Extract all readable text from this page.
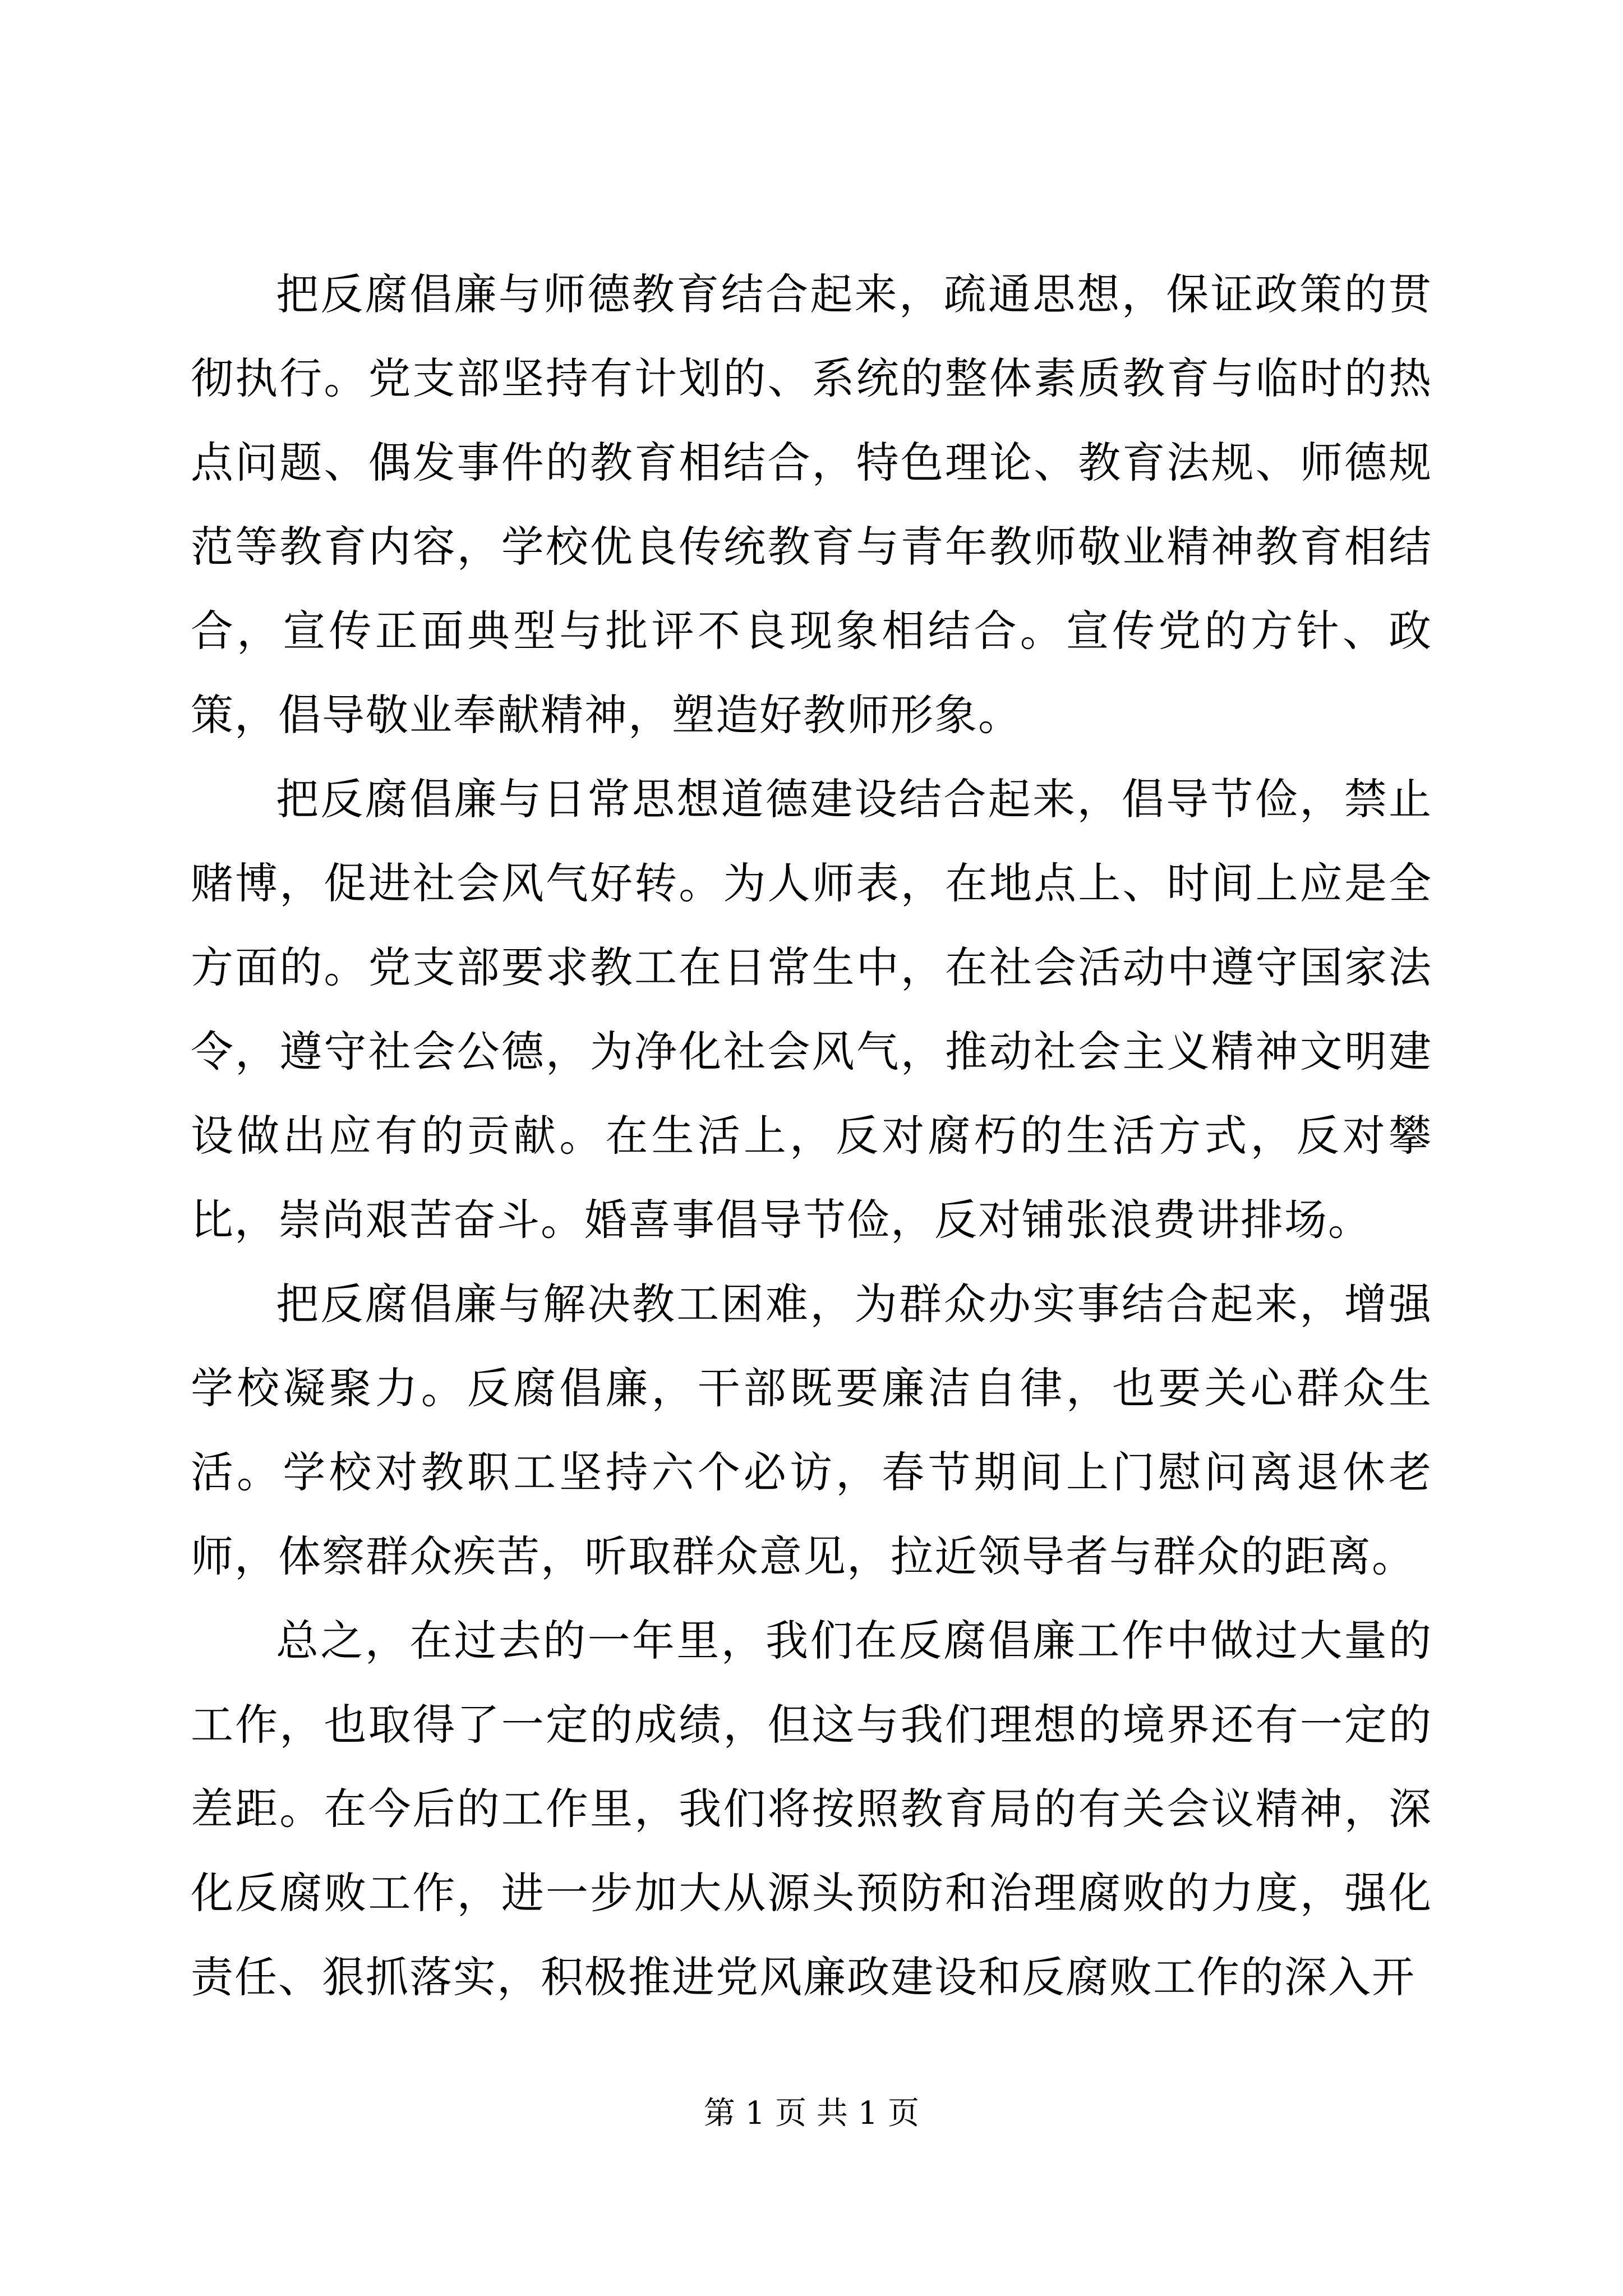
把反腐倡廉与师德教育结合起来，疏通思想，保证政策的贯彻执行。党支部坚持有计划的、系统的整体素质教育与临时的热点问题、偶发事件的教育相结合，特色理论、教育法规、师德规范等教育内容，学校优良传统教育与青年教师敬业精神教育相结合，宣传正面典型与批评不良现象相结合。宣传党的方针、政策，倡导敬业奉献精神，塑造好教师形象。

把反腐倡廉与日常思想道德建设结合起来，倡导节俭，禁止赌博，促进社会风气好转。为人师表，在地点上、时间上应是全方面的。党支部要求教工在日常生中，在社会活动中遵守国家法令，遵守社会公德，为净化社会风气，推动社会主义精神文明建设做出应有的贡献。在生活上，反对腐朽的生活方式，反对攀比，崇尚艰苦奋斗。婚喜事倡导节俭，反对铺张浪费讲排场。

把反腐倡廉与解决教工困难，为群众办实事结合起来，增强学校凝聚力。反腐倡廉，干部既要廉洁自律，也要关心群众生活。学校对教职工坚持六个必访，春节期间上门慰问离退休老师，体察群众疾苦，听取群众意见，拉近领导者与群众的距离。

总之，在过去的一年里，我们在反腐倡廉工作中做过大量的工作，也取得了一定的成绩，但这与我们理想的境界还有一定的差距。在今后的工作里，我们将按照教育局的有关会议精神，深化反腐败工作，进一步加大从源头预防和治理腐败的力度，强化责任、狠抓落实，积极推进党风廉政建设和反腐败工作的深入开

第 1 页 共 1 页
